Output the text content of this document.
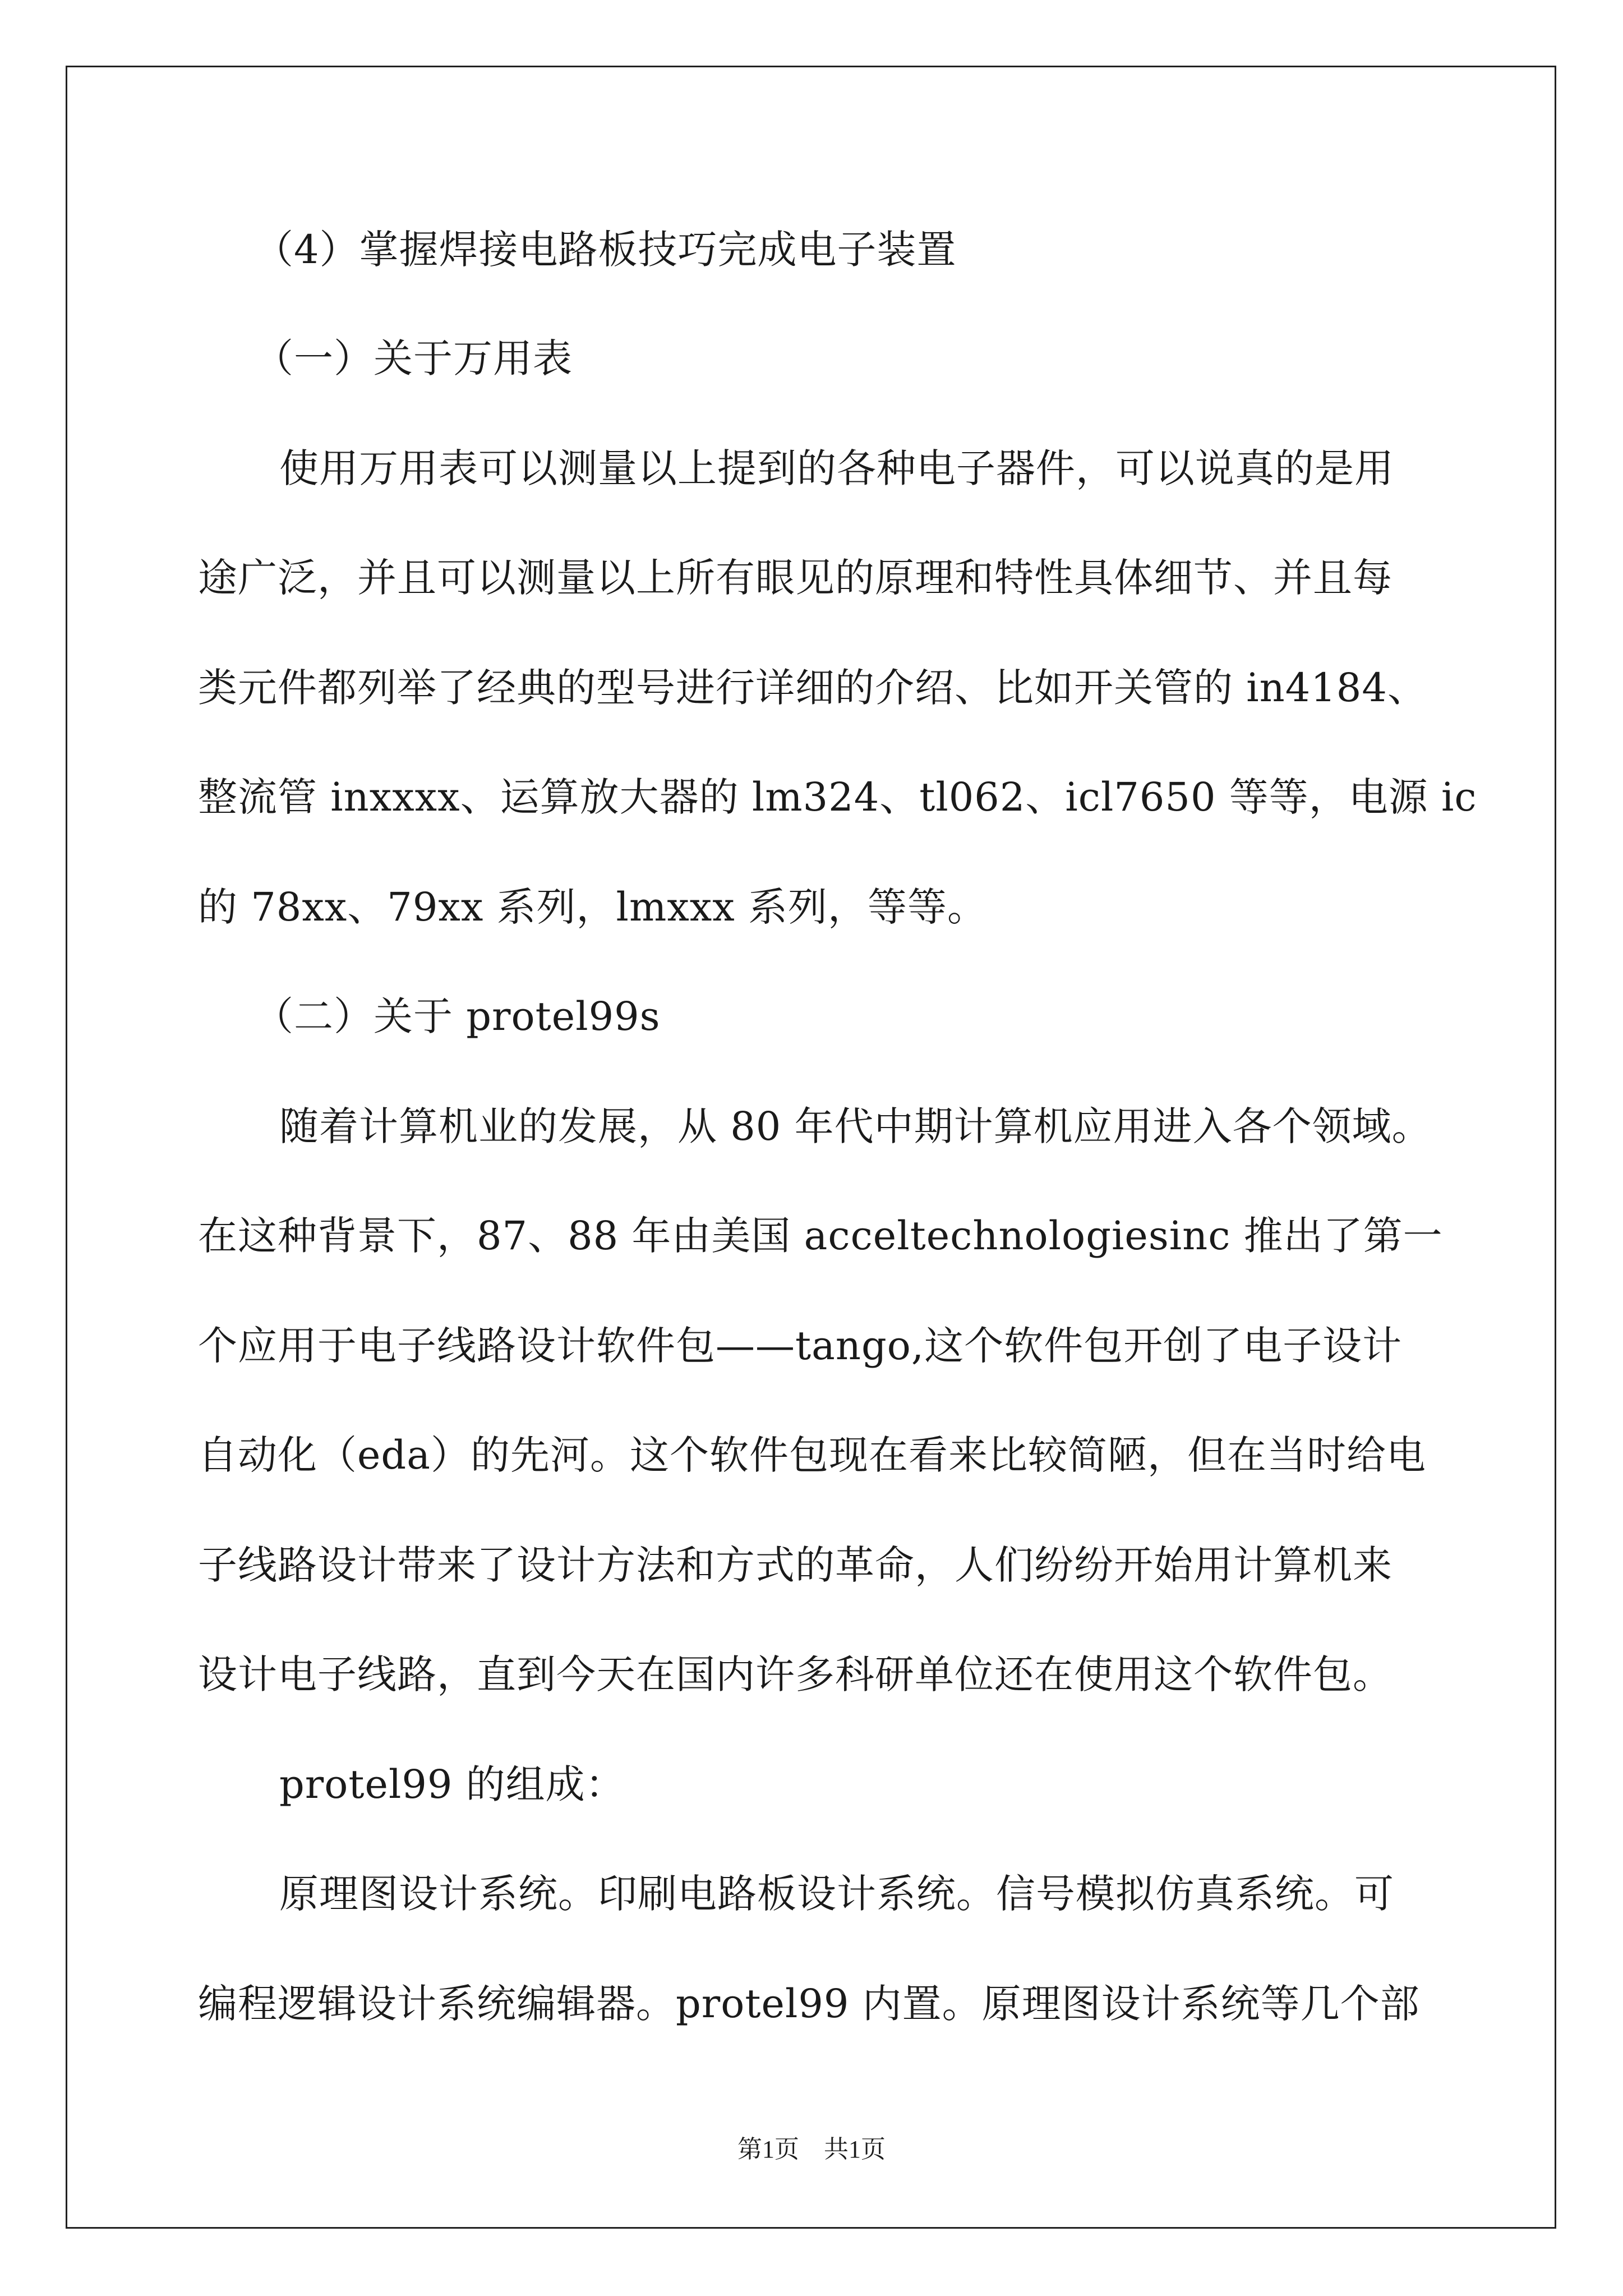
（4）掌握焊接电路板技巧完成电子装置
（一）关于万用表
使用万用表可以测量以上提到的各种电子器件，可以说真的是用
途广泛，并且可以测量以上所有眼见的原理和特性具体细节、并且每
类元件都列举了经典的型号进行详细的介绍、比如开关管的 in4184、
整流管 inxxxx、运算放大器的 lm324、tl062、icl7650 等等，电源 ic
的 78xx、79xx 系列，lmxxx 系列，等等。
（二）关于 protel99s
随着计算机业的发展，从 80 年代中期计算机应用进入各个领域。
在这种背景下，87、88 年由美国 acceltechnologiesinc 推出了第一
个应用于电子线路设计软件包——tango,这个软件包开创了电子设计
自动化（eda）的先河。这个软件包现在看来比较简陋，但在当时给电
子线路设计带来了设计方法和方式的革命，人们纷纷开始用计算机来
设计电子线路，直到今天在国内许多科研单位还在使用这个软件包。
protel99 的组成：
原理图设计系统。印刷电路板设计系统。信号模拟仿真系统。可
编程逻辑设计系统编辑器。protel99 内置。原理图设计系统等几个部
第1页　共1页
